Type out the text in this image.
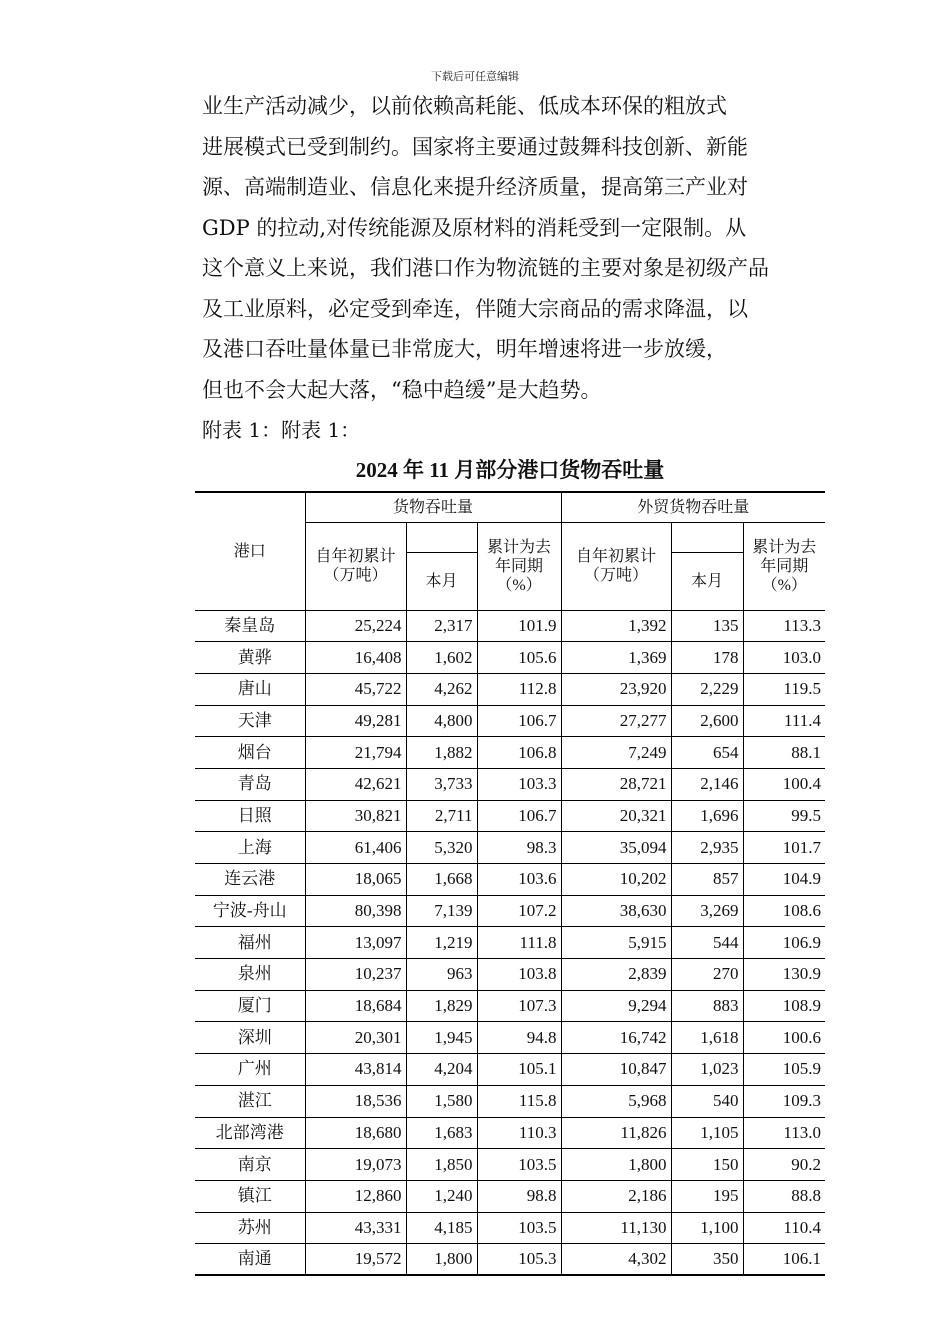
下载后可任意编辑

业生产活动减少，以前依赖高耗能、低成本环保的粗放式
进展模式已受到制约。国家将主要通过鼓舞科技创新、新能
源、高端制造业、信息化来提升经济质量，提高第三产业对
GDP 的拉动,对传统能源及原材料的消耗受到一定限制。从
这个意义上来说，我们港口作为物流链的主要对象是初级产品
及工业原料，必定受到牵连，伴随大宗商品的需求降温，以
及港口吞吐量体量已非常庞大，明年增速将进一步放缓，
但也不会大起大落，“稳中趋缓”是大趋势。

附表 1：附表 1：
2024 年 11 月部分港口货物吞吐量
港口	货物吞吐量			外贸货物吞吐量		
	自年初累计（万吨）		累计为去年同期（%）	自年初累计（万吨）		累计为去年同期（%）
		本月			本月	
秦皇岛	25,224	2,317	101.9	1,392	135	113.3
黄骅	16,408	1,602	105.6	1,369	178	103.0
唐山	45,722	4,262	112.8	23,920	2,229	119.5
天津	49,281	4,800	106.7	27,277	2,600	111.4
烟台	21,794	1,882	106.8	7,249	654	88.1
青岛	42,621	3,733	103.3	28,721	2,146	100.4
日照	30,821	2,711	106.7	20,321	1,696	99.5
上海	61,406	5,320	98.3	35,094	2,935	101.7
连云港	18,065	1,668	103.6	10,202	857	104.9
宁波-舟山	80,398	7,139	107.2	38,630	3,269	108.6
福州	13,097	1,219	111.8	5,915	544	106.9
泉州	10,237	963	103.8	2,839	270	130.9
厦门	18,684	1,829	107.3	9,294	883	108.9
深圳	20,301	1,945	94.8	16,742	1,618	100.6
广州	43,814	4,204	105.1	10,847	1,023	105.9
湛江	18,536	1,580	115.8	5,968	540	109.3
北部湾港	18,680	1,683	110.3	11,826	1,105	113.0
南京	19,073	1,850	103.5	1,800	150	90.2
镇江	12,860	1,240	98.8	2,186	195	88.8
苏州	43,331	4,185	103.5	11,130	1,100	110.4
南通	19,572	1,800	105.3	4,302	350	106.1
